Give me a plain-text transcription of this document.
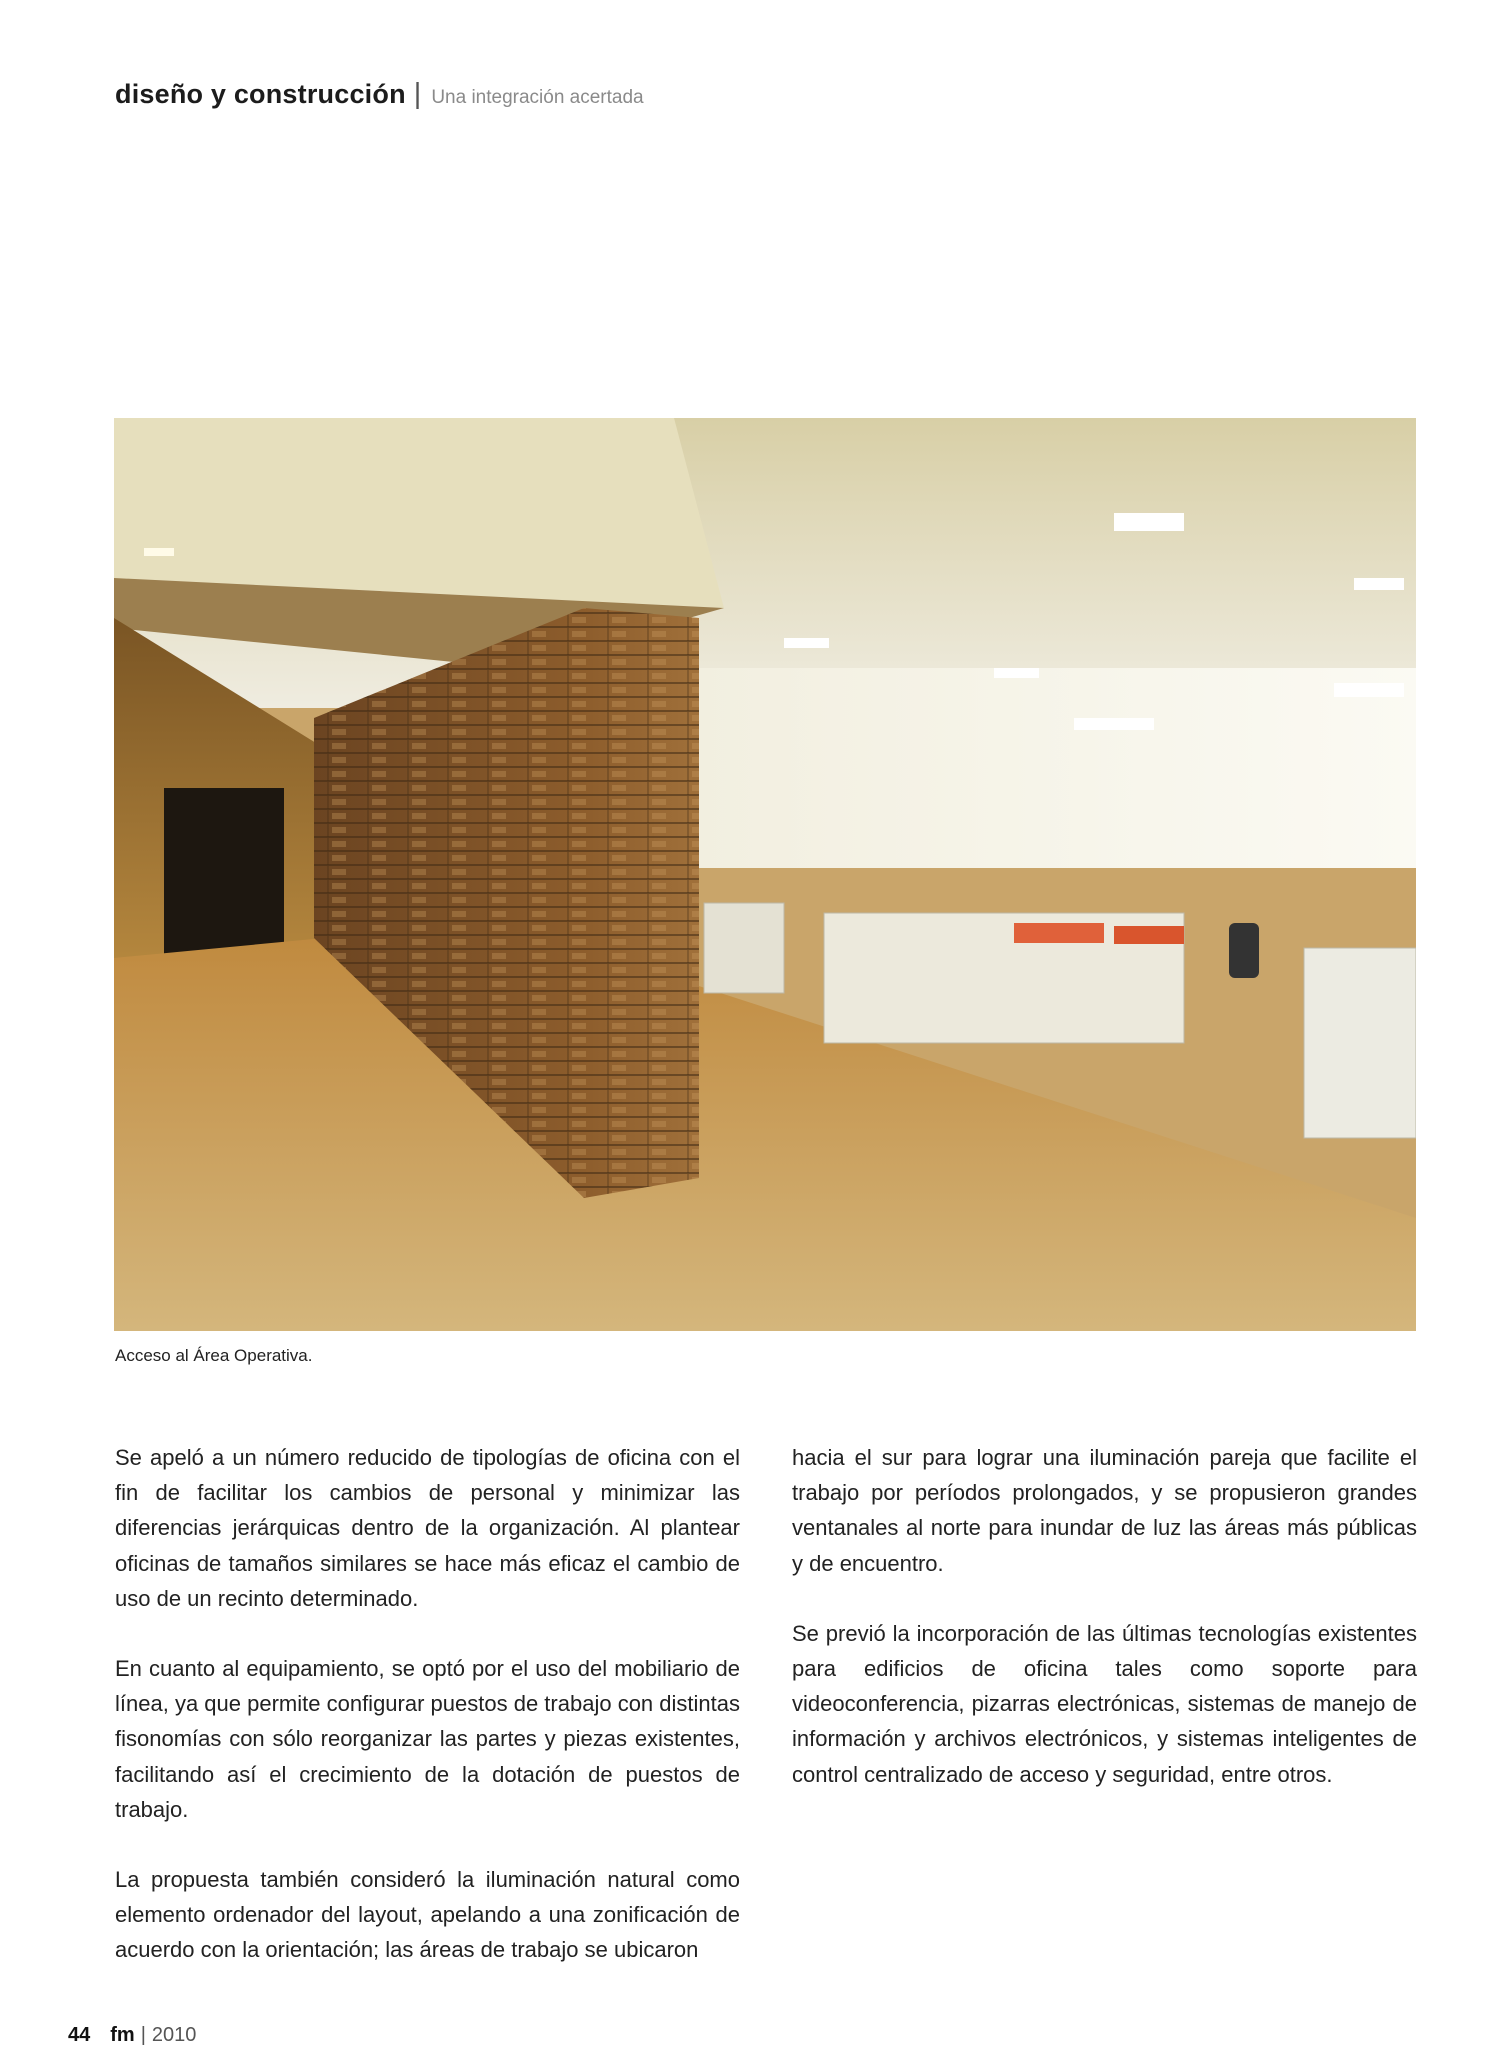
diseño y construcción | Una integración acertada
Acceso al Área Operativa.

Se apeló a un número reducido de tipologías de oficina con el fin de facilitar los cambios de personal y minimizar las diferencias jerárquicas dentro de la organización. Al plantear oficinas de tamaños similares se hace más eficaz el cambio de uso de un recinto determinado.

En cuanto al equipamiento, se optó por el uso del mobiliario de línea, ya que permite configurar puestos de trabajo con distintas fisonomías con sólo reorganizar las partes y piezas existentes, facilitando así el crecimiento de la dotación de puestos de trabajo.

La propuesta también consideró la iluminación natural como elemento ordenador del layout, apelando a una zonificación de acuerdo con la orientación; las áreas de trabajo se ubicaron

hacia el sur para lograr una iluminación pareja que facilite el trabajo por períodos prolongados, y se propusieron grandes ventanales al norte para inundar de luz las áreas más públicas y de encuentro.

Se previó la incorporación de las últimas tecnologías existentes para edificios de oficina tales como soporte para videoconferencia, pizarras electrónicas, sistemas de manejo de información y archivos electrónicos, y sistemas inteligentes de control centralizado de acceso y seguridad, entre otros.

44 fm | 2010
